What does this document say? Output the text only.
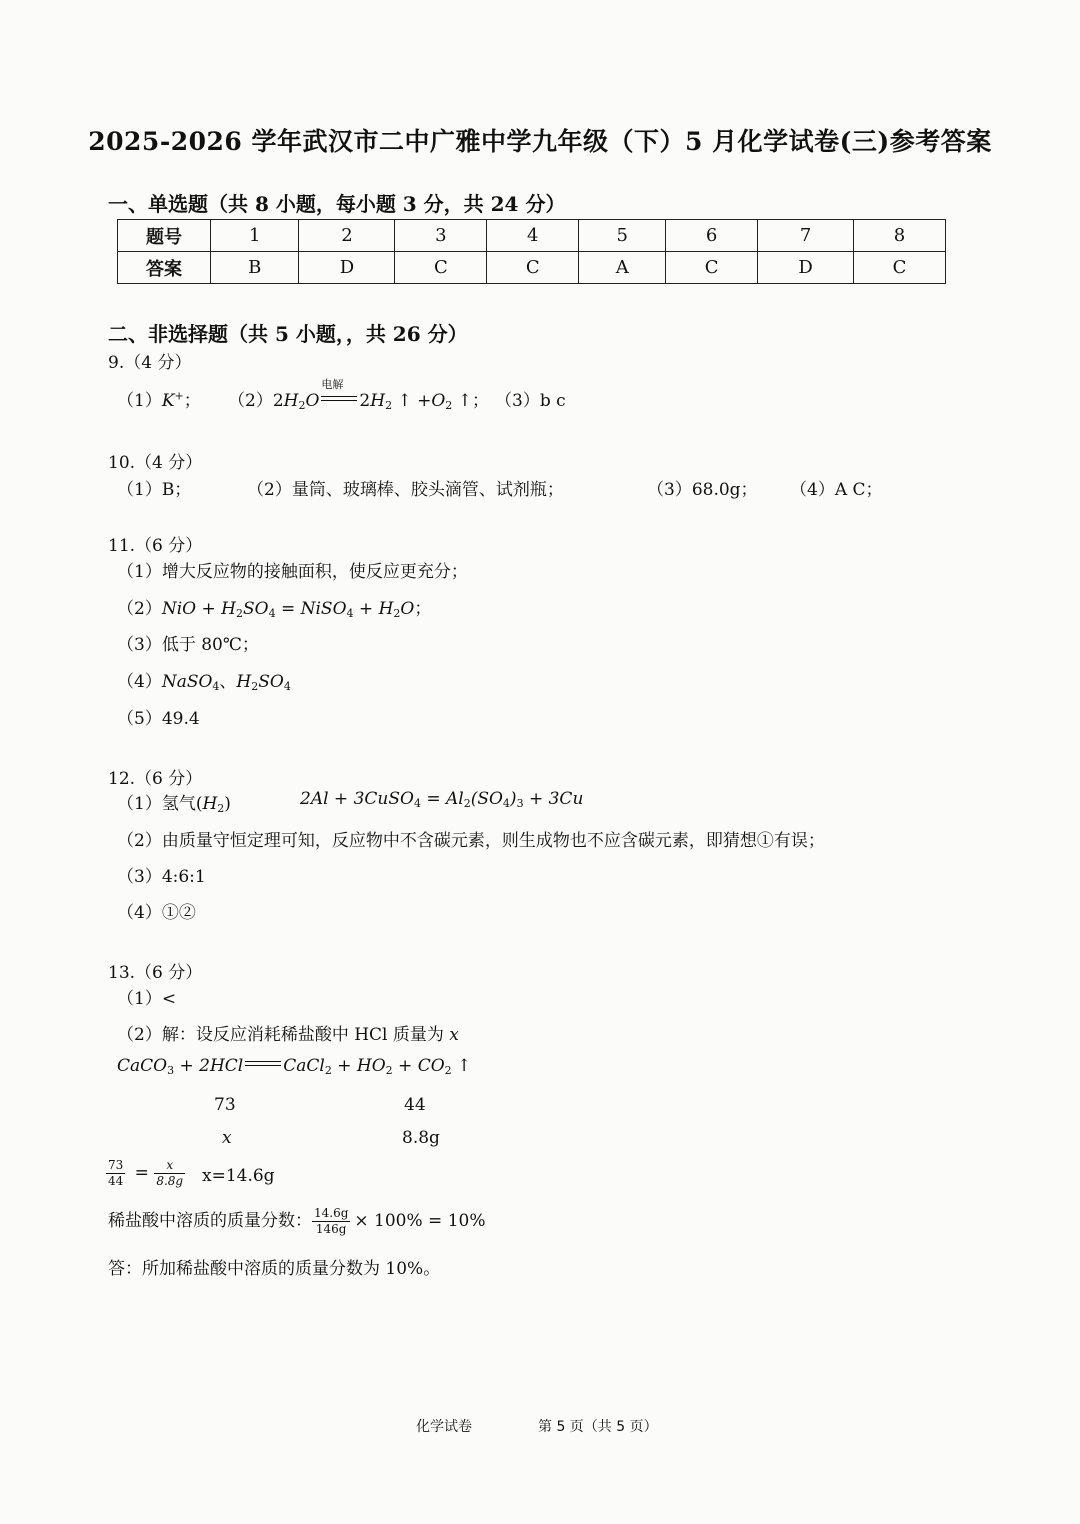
2025-2026 学年武汉市二中广雅中学九年级（下）5 月化学试卷(三)参考答案
一、单选题（共 8 小题，每小题 3 分，共 24 分）
题号	1	2	3	4	5	6	7	8
答案	B	D	C	C	A	C	D	C
二、非选择题（共 5 小题，，共 26 分）
9.（4 分）
（1）K+； $(2)2H_2O$
电解
$2H_2$ ↑ $+O_2$ ↑； （3）b c
10.（4 分）
（1）B；	（2）量筒、玻璃棒、胶头滴管、试剂瓶；	（3）68.0g； （4）A C；
11.（6 分）
（1）增大反应物的接触面积，使反应更充分；
$(2)NiO + H_2SO_4$ = NiSO$_4$ + $H_2O$；
（3）低于 80℃；
（4）NaSO$_4$、$H_2SO_4$
（5）49.4
12.（6 分）
（1）氢气$(H_2)$	2Al + 3CuSO$_4$ = $Al_2(SO_4)_3 + 3Cu$
（2）由质量守恒定理可知，反应物中不含碳元素，则生成物也不应含碳元素，即猜想①有误；
（3）4:6:1
（4）①②
13.（6 分）
（1）<
（2）解：设反应消耗稀盐酸中 HCl 质量为 x
CaCO$_3$ + 2HCl CaCl$_2$ + $HO_2 + CO_2$ ↑
73	44
x	8.8g
$\frac{73}{44} = \frac{x}{8.8g} x=14.6g$
稀盐酸中溶质的质量分数： $\frac{14.6g}{146g} \times 100\% = 10\%$
答：所加稀盐酸中溶质的质量分数为 10%。
化学试卷	第 5 页（共 5 页）
